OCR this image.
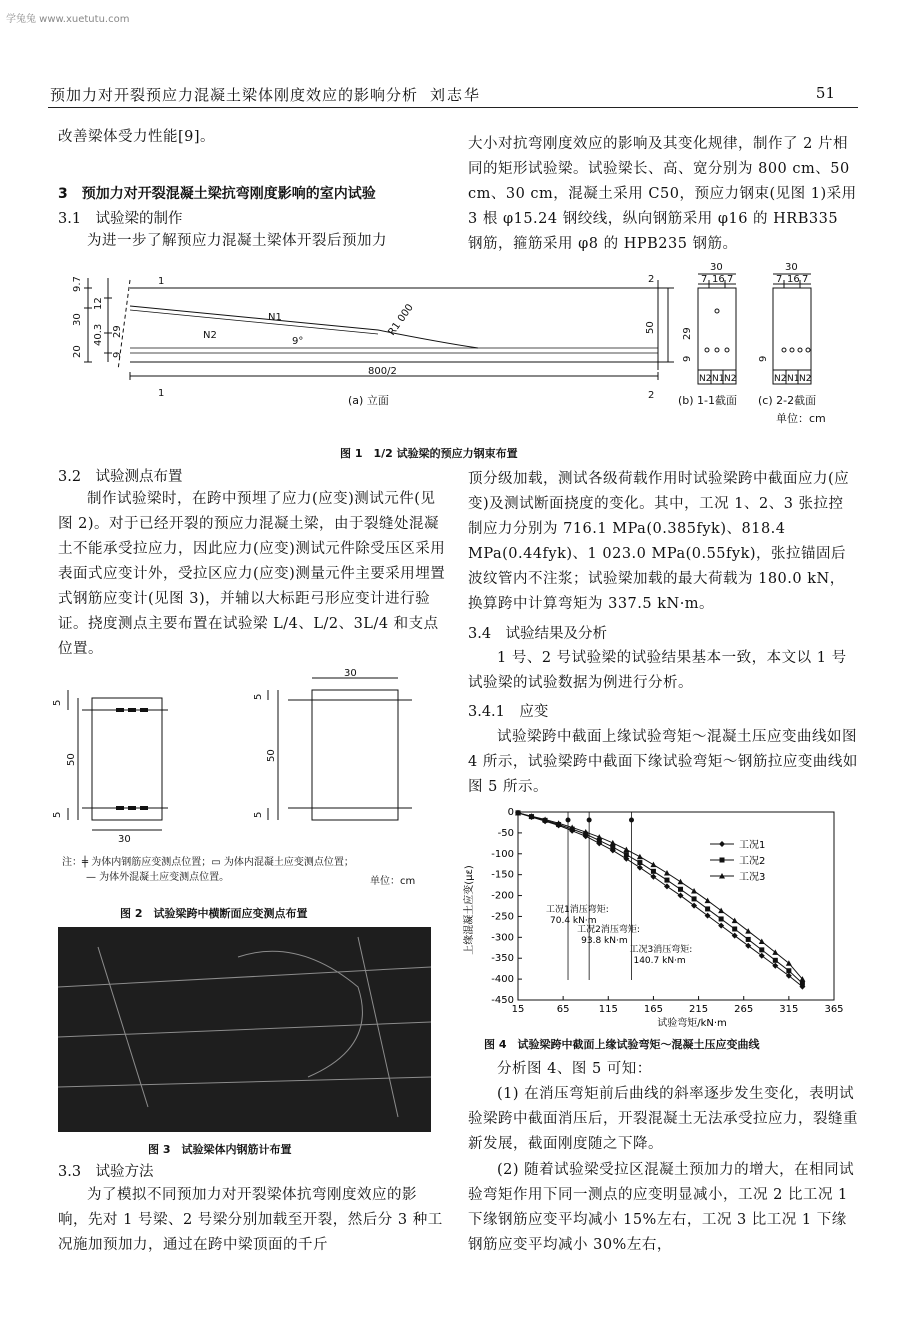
学兔兔 www.xuetutu.com
预加力对开裂预应力混凝土梁体刚度效应的影响分析 刘志华	51
改善梁体受力性能[9]。
3　预加力对开裂混凝土梁抗弯刚度影响的室内试验
3.1　试验梁的制作
为进一步了解预应力混凝土梁体开裂后预加力
大小对抗弯刚度效应的影响及其变化规律，制作了 2 片相同的矩形试验梁。试验梁长、高、宽分别为 800 cm、50 cm、30 cm，混凝土采用 C50，预应力钢束(见图 1)采用 3 根 φ15.24 钢绞线，纵向钢筋采用 φ16 的 HRB335 钢筋，箍筋采用 φ8 的 HPB235 钢筋。
1	2
1	2
N1
N2
9°
R1 000
800/2
9.7
30
20
12
40.3 29
9
50
30
7 16 7
29
9
N2 N1 N2
30
7 16 7
9
N2 N1 N2
(a) 立面	(b) 1-1截面 (c) 2-2截面
单位：cm
图 1　1/2 试验梁的预应力钢束布置
3.2　试验测点布置
制作试验梁时，在跨中预埋了应力(应变)测试元件(见图 2)。对于已经开裂的预应力混凝土梁，由于裂缝处混凝土不能承受拉应力，因此应力(应变)测试元件除受压区采用表面式应变计外，受拉区应力(应变)测量元件主要采用埋置式钢筋应变计(见图 3)，并辅以大标距弓形应变计进行验证。挠度测点主要布置在试验梁 L/4、L/2、3L/4 和支点位置。
5
5
50
30
5
5
50
30
注：╪ 为体内钢筋应变测点位置；▭ 为体内混凝土应变测点位置；
— 为体外混凝土应变测点位置。	单位：cm
图 2　试验梁跨中横断面应变测点布置
图 3　试验梁体内钢筋计布置
3.3　试验方法
为了模拟不同预加力对开裂梁体抗弯刚度效应的影响，先对 1 号梁、2 号梁分别加载至开裂，然后分 3 种工况施加预加力，通过在跨中梁顶面的千斤
顶分级加载，测试各级荷载作用时试验梁跨中截面应力(应变)及测试断面挠度的变化。其中，工况 1、2、3 张拉控制应力分别为 716.1 MPa(0.385fyk)、818.4 MPa(0.44fyk)、1 023.0 MPa(0.55fyk)，张拉锚固后波纹管内不注浆；试验梁加载的最大荷载为 180.0 kN，换算跨中计算弯矩为 337.5 kN·m。
3.4　试验结果及分析
1 号、2 号试验梁的试验结果基本一致，本文以 1 号试验梁的试验数据为例进行分析。
3.4.1　应变
试验梁跨中截面上缘试验弯矩～混凝土压应变曲线如图 4 所示，试验梁跨中截面下缘试验弯矩～钢筋拉应变曲线如图 5 所示。
15	65	115	165	215	265	315	365
0
-50
-100
-150
-200
-250
-300
-350
-400
-450
工况1消压弯矩:
70.4 kN·m
工况2消压弯矩:
93.8 kN·m
工况3消压弯矩:
140.7 kN·m
工况1
工况2
工况3
试验弯矩/kN·m
上缘混凝土应变(με)
图 4　试验梁跨中截面上缘试验弯矩～混凝土压应变曲线
分析图 4、图 5 可知：
(1) 在消压弯矩前后曲线的斜率逐步发生变化，表明试验梁跨中截面消压后，开裂混凝土无法承受拉应力，裂缝重新发展，截面刚度随之下降。
(2) 随着试验梁受拉区混凝土预加力的增大，在相同试验弯矩作用下同一测点的应变明显减小，工况 2 比工况 1 下缘钢筋应变平均减小 15%左右，工况 3 比工况 1 下缘钢筋应变平均减小 30%左右，
